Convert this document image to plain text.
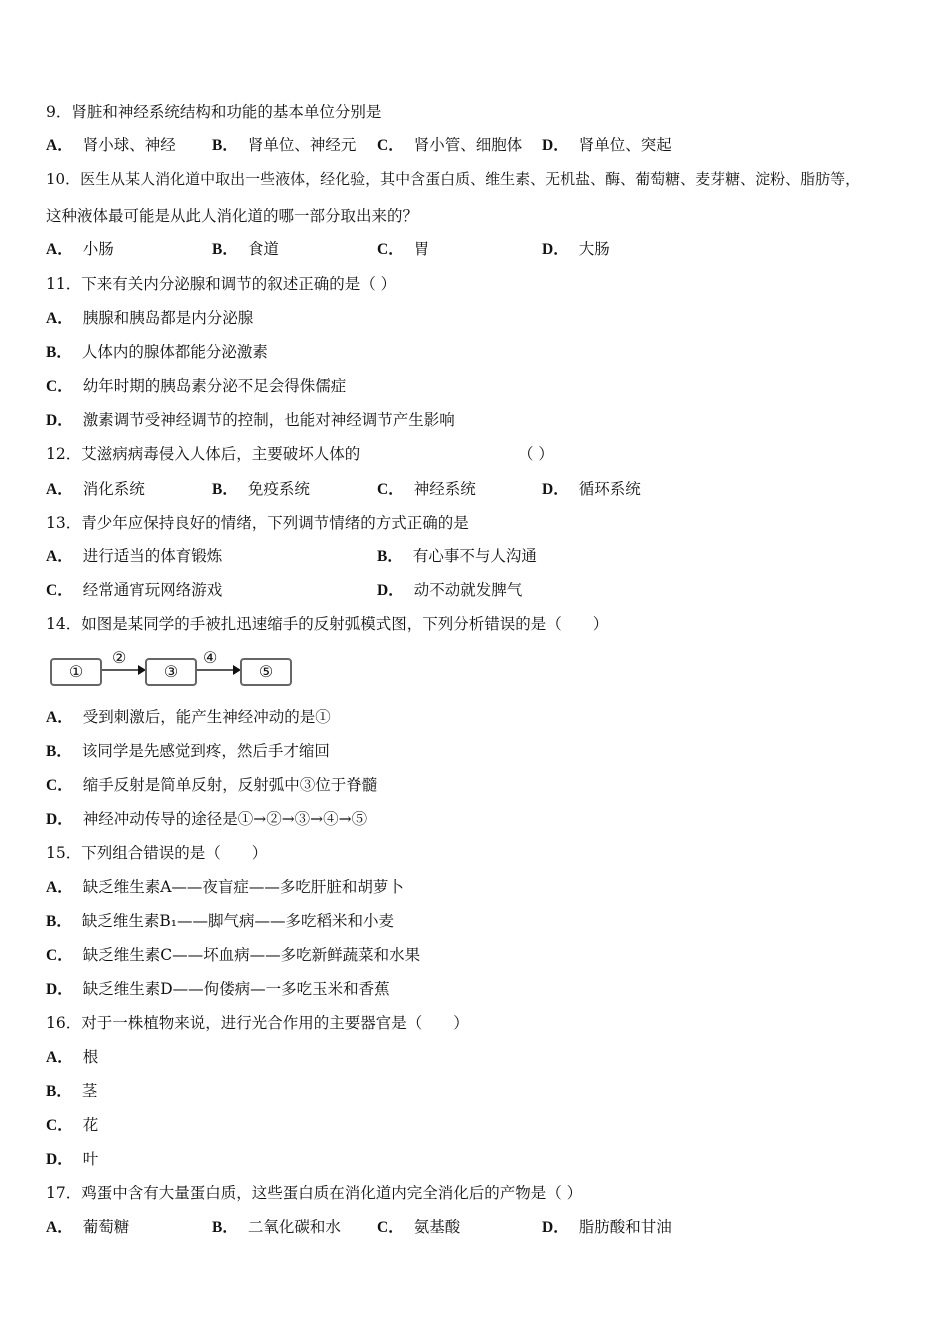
9．肾脏和神经系统结构和功能的基本单位分别是
A． 肾小球、神经 B． 肾单位、神经元 C． 肾小管、细胞体 D． 肾单位、突起
10．医生从某人消化道中取出一些液体，经化验，其中含蛋白质、维生素、无机盐、酶、葡萄糖、麦芽糖、淀粉、脂肪等，
这种液体最可能是从此人消化道的哪一部分取出来的？
A． 小肠	B． 食道	C． 胃	D． 大肠
11．下来有关内分泌腺和调节的叙述正确的是（ ）
A． 胰腺和胰岛都是内分泌腺
B． 人体内的腺体都能分泌激素
C． 幼年时期的胰岛素分泌不足会得侏儒症
D． 激素调节受神经调节的控制，也能对神经调节产生影响
12．艾滋病病毒侵入人体后，主要破坏人体的	（ ）
A． 消化系统	B． 免疫系统	C． 神经系统	D． 循环系统
13．青少年应保持良好的情绪，下列调节情绪的方式正确的是
A． 进行适当的体育锻炼	B． 有心事不与人沟通
C． 经常通宵玩网络游戏	D． 动不动就发脾气
14．如图是某同学的手被扎迅速缩手的反射弧模式图，下列分析错误的是（　　）
①
②
③
④
⑤
A． 受到刺激后，能产生神经冲动的是①
B． 该同学是先感觉到疼，然后手才缩回
C． 缩手反射是简单反射，反射弧中③位于脊髓
D． 神经冲动传导的途径是①→②→③→④→⑤
15．下列组合错误的是（　　）
A． 缺乏维生素A——夜盲症——多吃肝脏和胡萝卜
B． 缺乏维生素B₁——脚气病——多吃稻米和小麦
C． 缺乏维生素C——坏血病——多吃新鲜蔬菜和水果
D． 缺乏维生素D——佝偻病—一多吃玉米和香蕉
16．对于一株植物来说，进行光合作用的主要器官是（　　）
A． 根
B． 茎
C． 花
D． 叶
17．鸡蛋中含有大量蛋白质，这些蛋白质在消化道内完全消化后的产物是（ ）
A． 葡萄糖	B． 二氧化碳和水 C． 氨基酸	D． 脂肪酸和甘油
